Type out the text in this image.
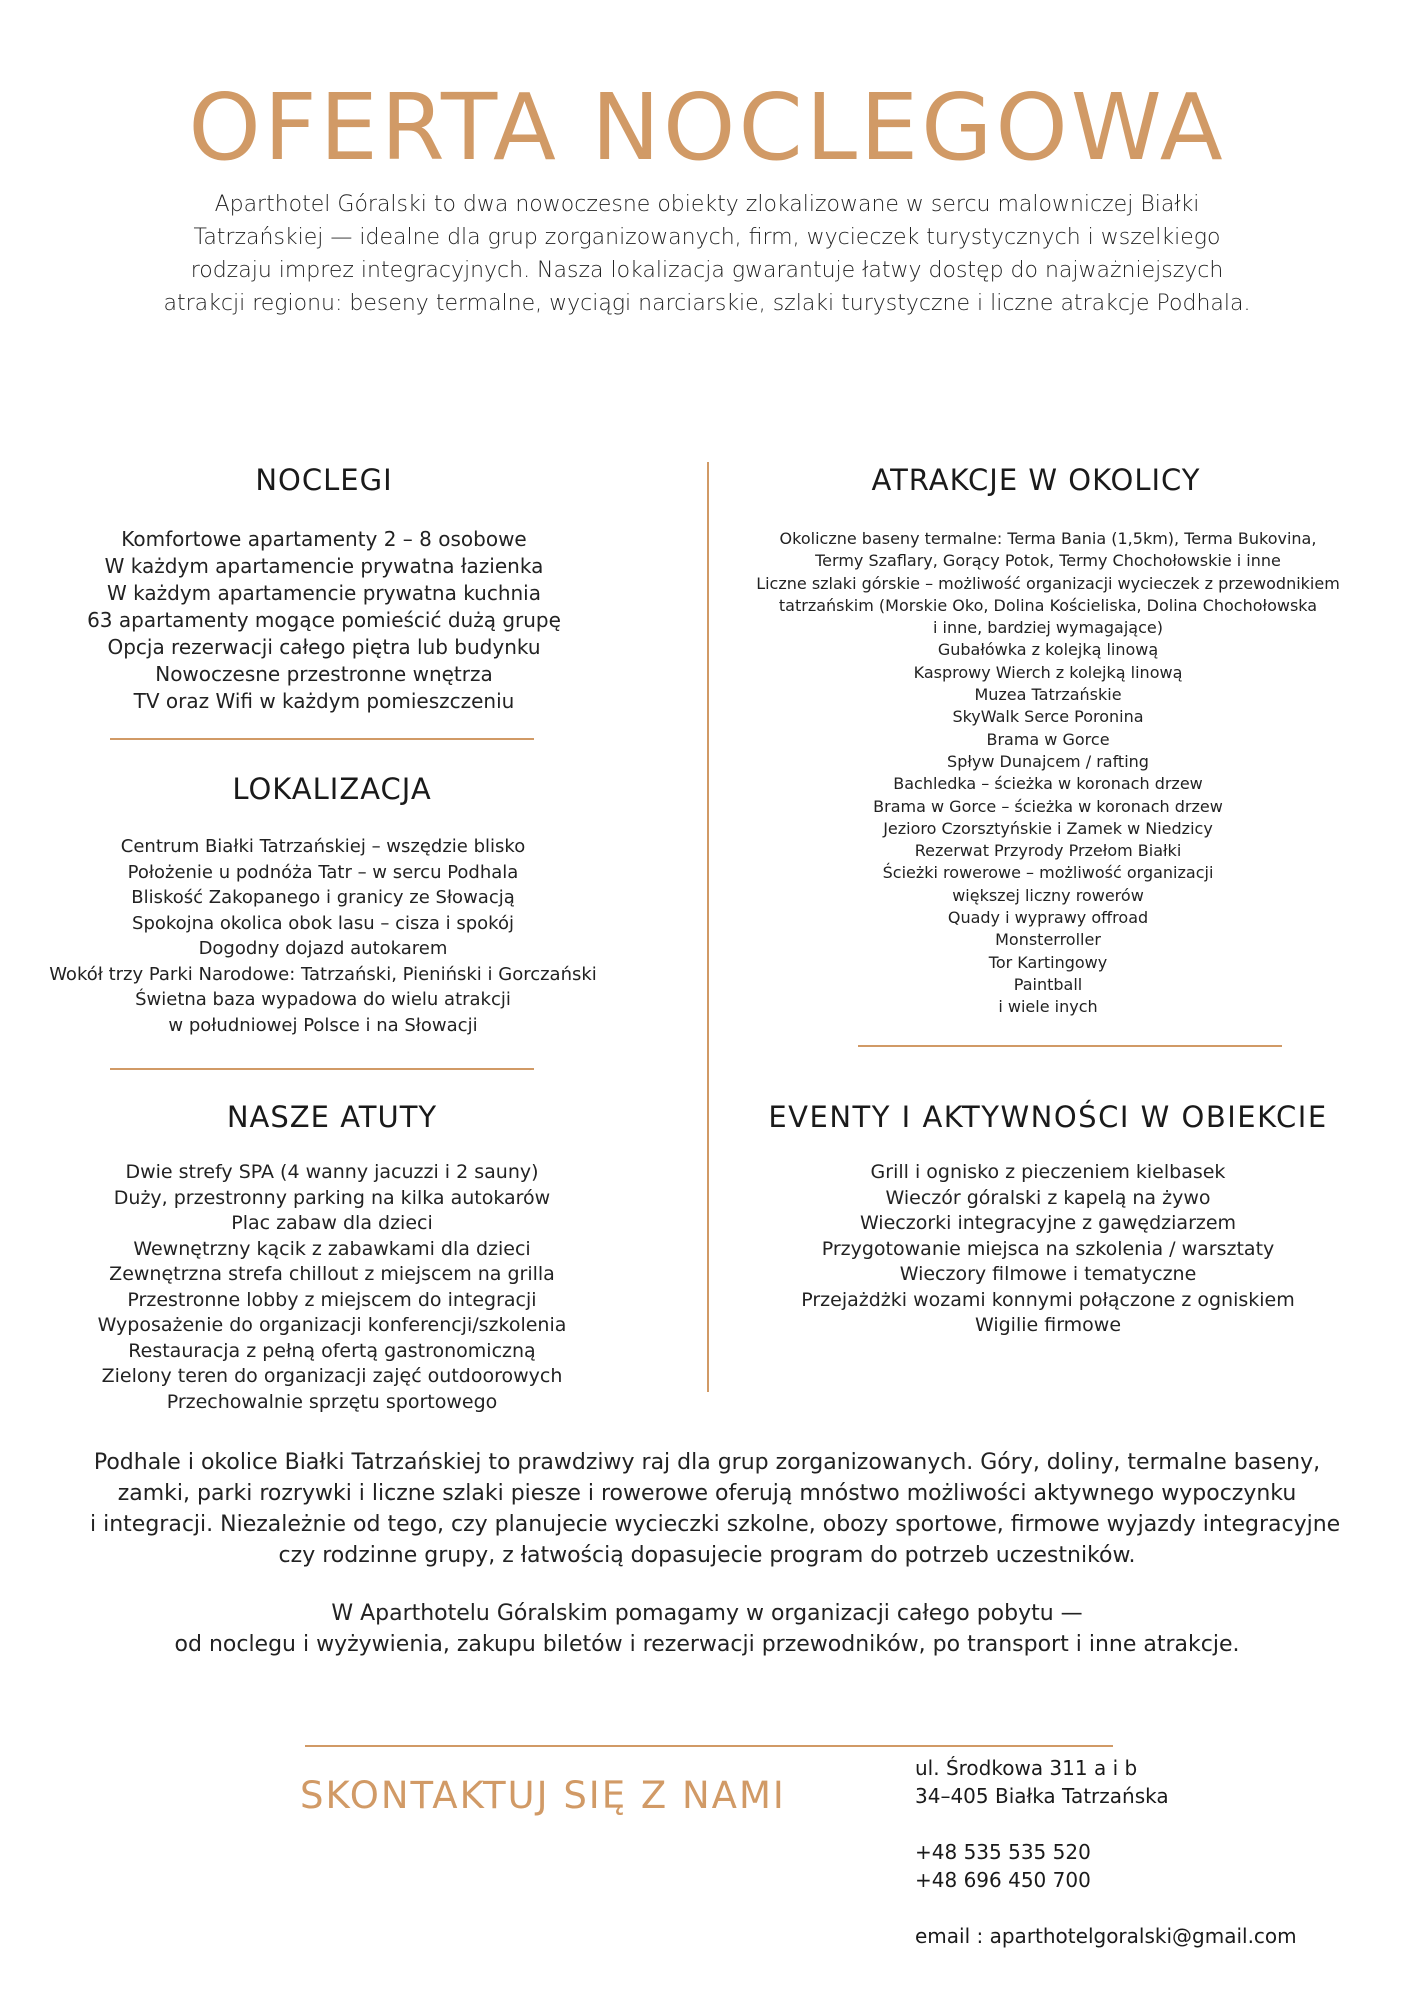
OFERTA NOCLEGOWA
Aparthotel Góralski to dwa nowoczesne obiekty zlokalizowane w sercu malowniczej Białki
Tatrzańskiej — idealne dla grup zorganizowanych, firm, wycieczek turystycznych i wszelkiego
rodzaju imprez integracyjnych. Nasza lokalizacja gwarantuje łatwy dostęp do najważniejszych
atrakcji regionu: beseny termalne, wyciągi narciarskie, szlaki turystyczne i liczne atrakcje Podhala.
NOCLEGI
Komfortowe apartamenty 2 – 8 osobowe
W każdym apartamencie prywatna łazienka
W każdym apartamencie prywatna kuchnia
63 apartamenty mogące pomieścić dużą grupę
Opcja rezerwacji całego piętra lub budynku
Nowoczesne przestronne wnętrza
TV oraz Wifi w każdym pomieszczeniu
LOKALIZACJA
Centrum Białki Tatrzańskiej – wszędzie blisko
Położenie u podnóża Tatr – w sercu Podhala
Bliskość Zakopanego i granicy ze Słowacją
Spokojna okolica obok lasu – cisza i spokój
Dogodny dojazd autokarem
Wokół trzy Parki Narodowe: Tatrzański, Pieniński i Gorczański
Świetna baza wypadowa do wielu atrakcji
w południowej Polsce i na Słowacji
NASZE ATUTY
Dwie strefy SPA (4 wanny jacuzzi i 2 sauny)
Duży, przestronny parking na kilka autokarów
Plac zabaw dla dzieci
Wewnętrzny kącik z zabawkami dla dzieci
Zewnętrzna strefa chillout z miejscem na grilla
Przestronne lobby z miejscem do integracji
Wyposażenie do organizacji konferencji/szkolenia
Restauracja z pełną ofertą gastronomiczną
Zielony teren do organizacji zajęć outdoorowych
Przechowalnie sprzętu sportowego
ATRAKCJE W OKOLICY
Okoliczne baseny termalne: Terma Bania (1,5km), Terma Bukovina,
Termy Szaflary, Gorący Potok, Termy Chochołowskie i inne
Liczne szlaki górskie – możliwość organizacji wycieczek z przewodnikiem
tatrzańskim (Morskie Oko, Dolina Kościeliska, Dolina Chochołowska
i inne, bardziej wymagające)
Gubałówka z kolejką linową
Kasprowy Wierch z kolejką linową
Muzea Tatrzańskie
SkyWalk Serce Poronina
Brama w Gorce
Spływ Dunajcem / rafting
Bachledka – ścieżka w koronach drzew
Brama w Gorce – ścieżka w koronach drzew
Jezioro Czorsztyńskie i Zamek w Niedzicy
Rezerwat Przyrody Przełom Białki
Ścieżki rowerowe – możliwość organizacji
większej liczny rowerów
Quady i wyprawy offroad
Monsterroller
Tor Kartingowy
Paintball
i wiele inych
EVENTY I AKTYWNOŚCI W OBIEKCIE
Grill i ognisko z pieczeniem kielbasek
Wieczór góralski z kapelą na żywo
Wieczorki integracyjne z gawędziarzem
Przygotowanie miejsca na szkolenia / warsztaty
Wieczory filmowe i tematyczne
Przejażdżki wozami konnymi połączone z ogniskiem
Wigilie firmowe
Podhale i okolice Białki Tatrzańskiej to prawdziwy raj dla grup zorganizowanych. Góry, doliny, termalne baseny,
zamki, parki rozrywki i liczne szlaki piesze i rowerowe oferują mnóstwo możliwości aktywnego wypoczynku
i integracji. Niezależnie od tego, czy planujecie wycieczki szkolne, obozy sportowe, firmowe wyjazdy integracyjne
czy rodzinne grupy, z łatwością dopasujecie program do potrzeb uczestników.
W Aparthotelu Góralskim pomagamy w organizacji całego pobytu —
od noclegu i wyżywienia, zakupu biletów i rezerwacji przewodników, po transport i inne atrakcje.
SKONTAKTUJ SIĘ Z NAMI
ul. Środkowa 311 a i b
34–405 Białka Tatrzańska
+48 535 535 520
+48 696 450 700
email : aparthotelgoralski@gmail.com
